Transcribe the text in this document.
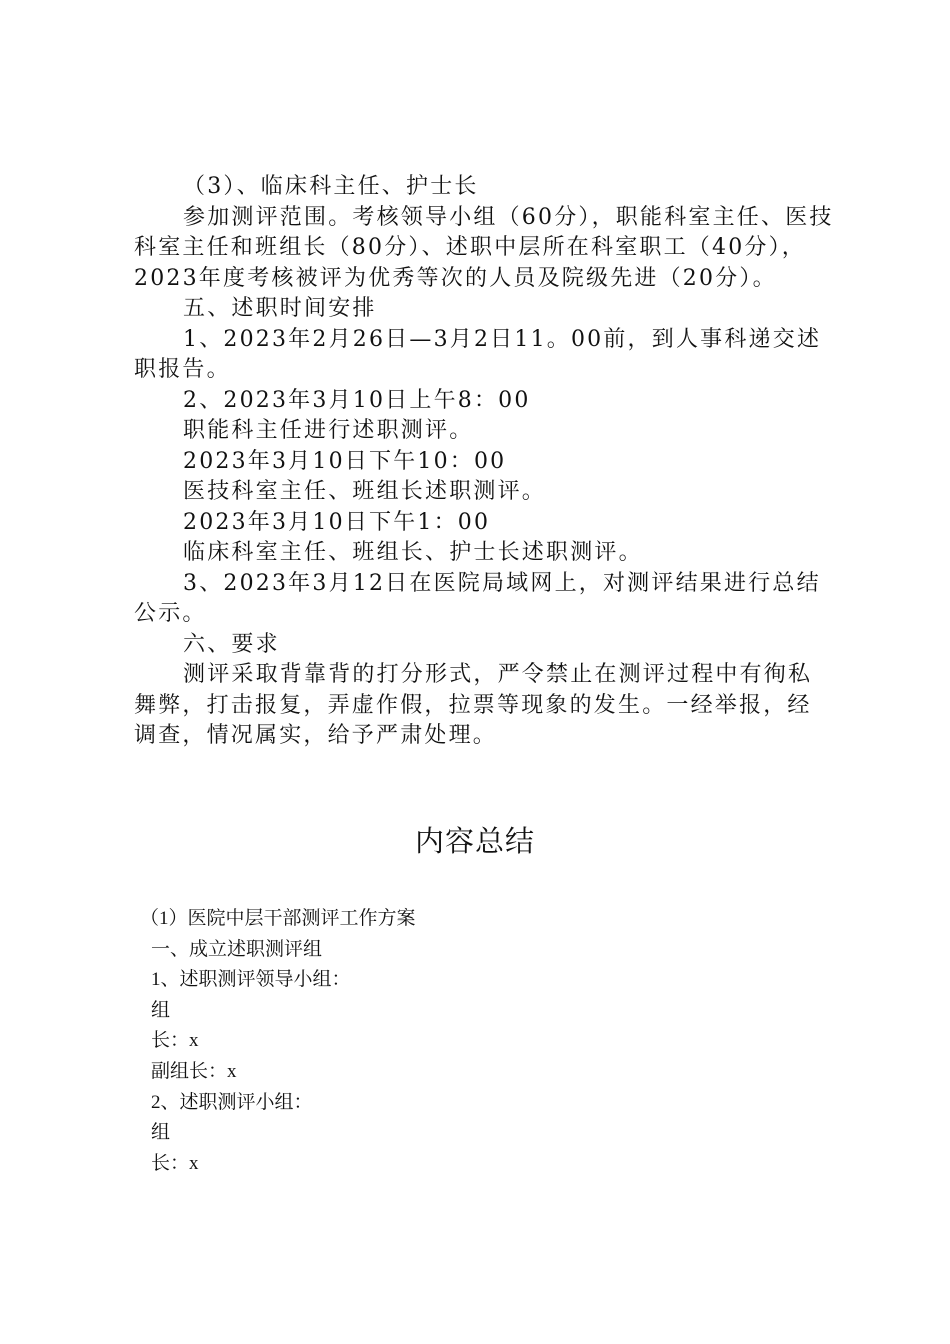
（3）、临床科主任、护士长

参加测评范围。考核领导小组（60分），职能科室主任、医技科室主任和班组长（80分）、述职中层所在科室职工（40分），2023年度考核被评为优秀等次的人员及院级先进（20分）。

五、述职时间安排

1、2023年2月26日—3月2日11。00前，到人事科递交述职报告。

2、2023年3月10日上午8：00

职能科主任进行述职测评。

2023年3月10日下午10：00

医技科室主任、班组长述职测评。

2023年3月10日下午1：00

临床科室主任、班组长、护士长述职测评。

3、2023年3月12日在医院局域网上，对测评结果进行总结公示。

六、要求

测评采取背靠背的打分形式，严令禁止在测评过程中有徇私舞弊，打击报复，弄虚作假，拉票等现象的发生。一经举报，经调查，情况属实，给予严肃处理。

内容总结

（1）医院中层干部测评工作方案

一、成立述职测评组

1、述职测评领导小组：

组

长：x

副组长：x

2、述职测评小组：

组

长：x
